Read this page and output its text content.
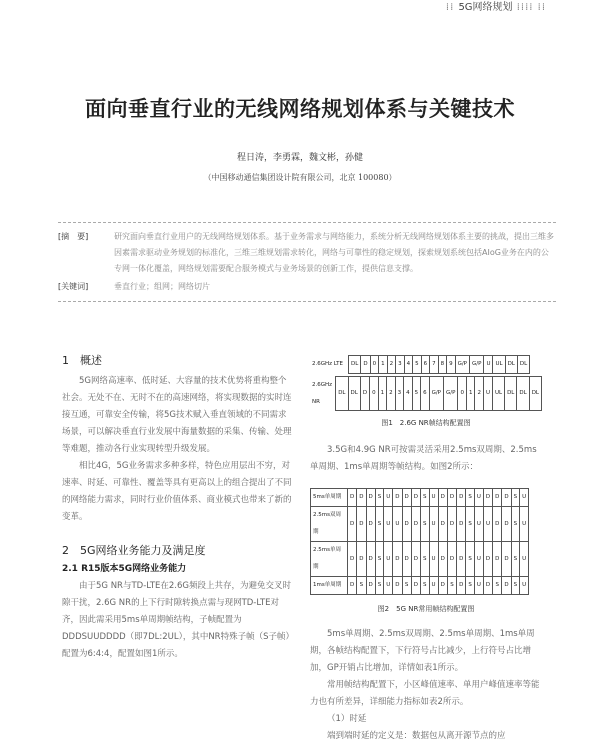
⁞⁞ 5G网络规划 ⁞⁞⁞⁞ ⁞⁞
面向垂直行业的无线网络规划体系与关键技术
程日涛，李勇霖，魏文彬，孙健
（中国移动通信集团设计院有限公司，北京 100080）
[摘　要]	研究面向垂直行业用户的无线网络规划体系。基于业务需求与网络能力，系统分析无线网络规划体系主要的挑战，提出三维多因素需求驱动业务规划的标准化，三维三维规划需求转化，网络与可靠性的稳定规划，探索规划系统包括AIoG业务在内的公专网一体化覆盖，网络规划需要配合服务模式与业务场景的创新工作，提供信息支撑。
[关键词]	垂直行业；组网；网络切片
1　概述
5G网络高速率、低时延、大容量的技术优势将重构整个社会。无处不在、无时不在的高速网络，将实现数据的实时连接互通，可靠安全传输，将5G技术赋入垂直领域的不同需求场景，可以解决垂直行业发展中海量数据的采集、传输、处理等难题，推动各行业实现转型升级发展。
相比4G，5G业务需求多种多样，特色应用层出不穷，对速率、时延、可靠性、覆盖等具有更高以上的组合提出了不同的网络能力需求，同时行业价值体系、商业模式也带来了新的变革。
2　5G网络业务能力及满足度
2.1 R15版本5G网络业务能力
由于5G NR与TD-LTE在2.6G频段上共存，为避免交叉时隙干扰，2.6G NR的上下行时隙转换点需与现网TD-LTE对齐，因此需采用5ms单周期帧结构，子帧配置为DDDSUUDDDD（即7DL:2UL），其中NR特殊子帧（S子帧）配置为6:4:4，配置如图1所示。
2.6GHz LTE	DL	D	0	1	2	3	4	5	6	7	8	9	G/P	G/P	U	UL	DL	DL
2.6GHz NR	DL	DL	D	0	1	2	3	4	5	6	G/P	G/P	0	1	2	U	UL	DL	DL	DL
图1　2.6G NR帧结构配置图
3.5G和4.9G NR可按需灵活采用2.5ms双周期、2.5ms单周期、1ms单周期等帧结构。如图2所示：
5ms单周期	D	D	D	S	U	D	D	D	S	U	D	D	D	S	U	D	D	D	S	U
2.5ms双周期	D	D	D	S	U	U	D	D	S	U	D	D	D	S	U	U	D	D	S	U
2.5ms单周期	D	D	D	S	U	D	D	D	S	U	D	D	D	S	U	D	D	D	S	U
1ms单周期	D	S	D	S	U	D	S	D	S	U	D	S	D	S	U	D	S	D	S	U
图2　5G NR常用帧结构配置图
5ms单周期、2.5ms双周期、2.5ms单周期、1ms单周期，各帧结构配置下，下行符号占比减少，上行符号占比增加，GP开销占比增加，详情如表1所示。
常用帧结构配置下，小区峰值速率、单用户峰值速率等能力也有所差异，详细能力指标如表2所示。
（1）时延
端到端时延的定义是：数据包从离开源节点的应
